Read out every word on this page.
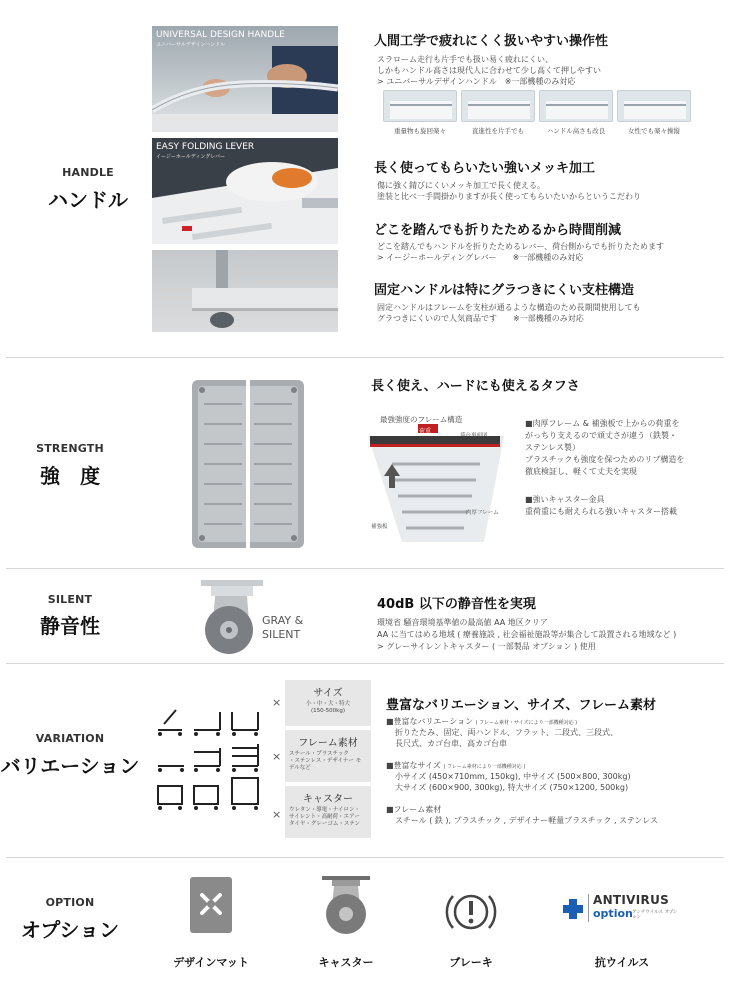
HANDLE
ハンドル
UNIVERSAL DESIGN HANDLE
ユニバーサルデザインハンドル
EASY FOLDING LEVER
イージーホールディングレバー
人間工学で疲れにくく扱いやすい操作性
スラローム走行も片手でも扱い易く疲れにくい、
しかもハンドル高さは現代人に合わせて少し高くて押しやすい
> ユニバーサルデザインハンドル　※一部機種のみ対応
重量物も旋回楽々	直進性を片手でも	ハンドル高さも改良	女性でも楽々操縦
長く使ってもらいたい強いメッキ加工
傷に強く錆びにくいメッキ加工で長く使える。
塗装と比べ一手間掛かりますが長く使ってもらいたいからというこだわり
どこを踏んでも折りたためるから時間削減
どこを踏んでもハンドルを折りたためるレバー、荷台側からでも折りたためます
> イージーホールディングレバー　　※一部機種のみ対応
固定ハンドルは特にグラつきにくい支柱構造
固定ハンドルはフレームを支柱が通るような構造のため長期間使用しても
グラつきにくいので人気商品です　　※一部機種のみ対応
STRENGTH
強　度
長く使え、ハードにも使えるタフさ
最強強度のフレーム構造
荷重
荷台裏面図
肉厚フレーム
補強板
■肉厚フレーム & 補強板で上からの荷重を
がっちり支えるので頑丈さが違う（鉄製・
ステンレス製）
プラスチックも強度を保つためのリブ構造を
徹底検証し、軽くて丈夫を実現
■強いキャスター金具
重荷重にも耐えられる強いキャスター搭載
SILENT
静音性	GRAY &
SILENT
40dB 以下の静音性を実現
環境省 騒音環境基準値の最高値 AA 地区クリア
AA に当てはめる地域 ( 療養施設 , 社会福祉施設等が集合して設置される地域など )
> グレーサイレントキャスター ( 一部製品 オプション ) 使用
VARIATION
バリエーション
×
×
×
サイズ
小・中・大・特大
(150-500kg)
フレーム素材
スチール・プラスチック
・ステンレス・デザイナー モ
デルなど
キャスター
ウレタン・導電・ナイロン・
サイレント・高耐荷・エアー
タイヤ・グレーゴム・ステン
豊富なバリエーション、サイズ、フレーム素材
■豊富なバリエーション ( フレーム素材・サイズにより一部機種対応 )
折りたたみ、固定、両ハンドル、フラット、二段式、三段式、
長尺式、カゴ台車、高カゴ台車
■豊富なサイズ ( フレーム素材により一部機種対応 )
小サイズ (450×710mm, 150kg), 中サイズ (500×800, 300kg)
大サイズ (600×900, 300kg), 特大サイズ (750×1200, 500kg)
■フレーム素材
スチール ( 鉄 ), プラスチック , デザイナー軽量プラスチック , ステンレス
OPTION
オプション
デザインマット	キャスター	ブレーキ
ANTIVIRUS
option アンチウイルス オプション
抗ウイルス
